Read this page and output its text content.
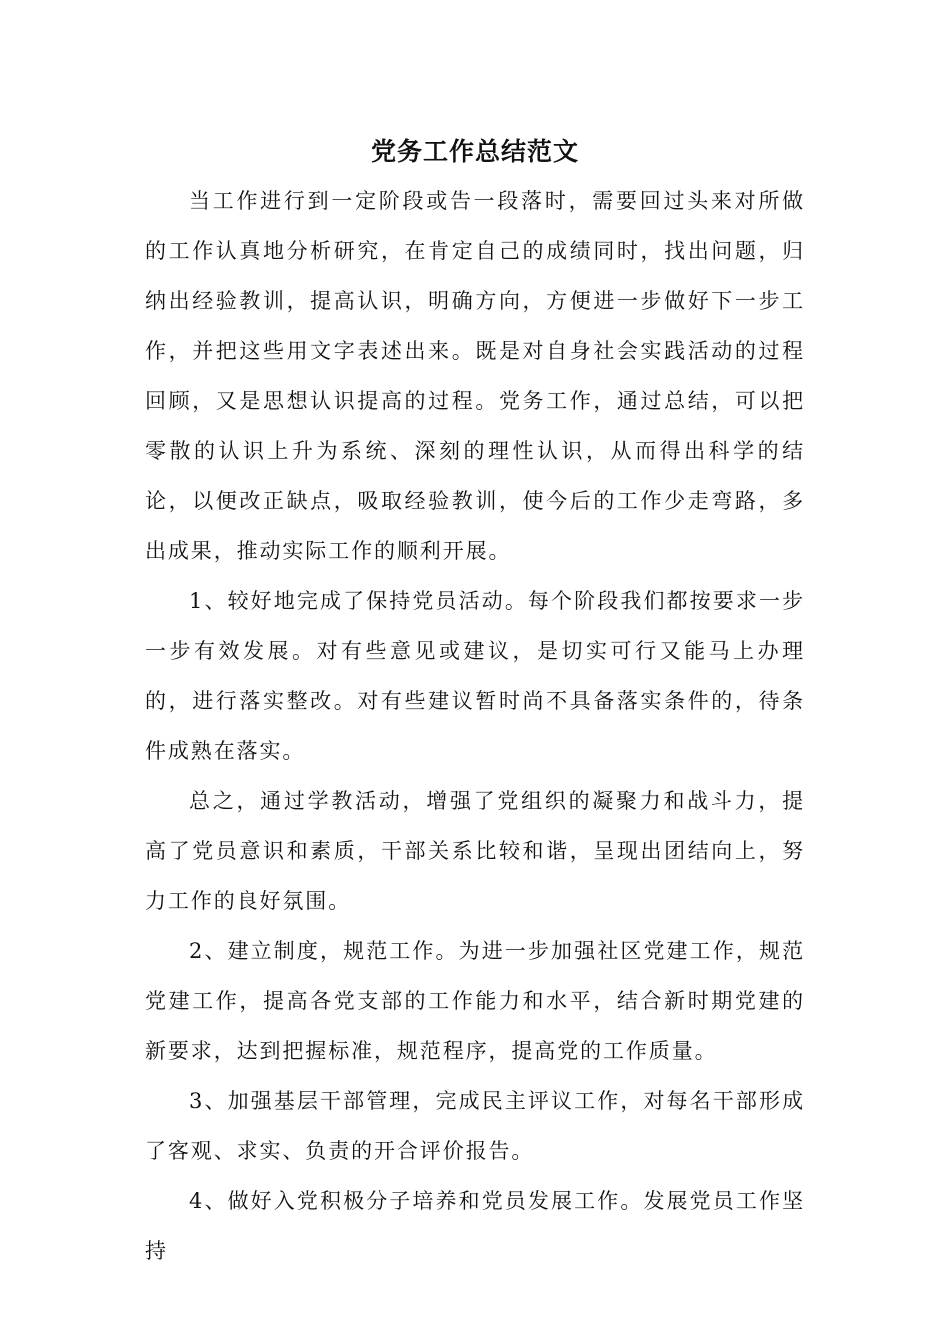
党务工作总结范文

当工作进行到一定阶段或告一段落时，需要回过头来对所做的工作认真地分析研究，在肯定自己的成绩同时，找出问题，归纳出经验教训，提高认识，明确方向，方便进一步做好下一步工作，并把这些用文字表述出来。既是对自身社会实践活动的过程回顾，又是思想认识提高的过程。党务工作，通过总结，可以把零散的认识上升为系统、深刻的理性认识，从而得出科学的结论，以便改正缺点，吸取经验教训，使今后的工作少走弯路，多出成果，推动实际工作的顺利开展。

1、较好地完成了保持党员活动。每个阶段我们都按要求一步一步有效发展。对有些意见或建议，是切实可行又能马上办理的，进行落实整改。对有些建议暂时尚不具备落实条件的，待条件成熟在落实。

总之，通过学教活动，增强了党组织的凝聚力和战斗力，提高了党员意识和素质，干部关系比较和谐，呈现出团结向上，努力工作的良好氛围。

2、建立制度，规范工作。为进一步加强社区党建工作，规范党建工作，提高各党支部的工作能力和水平，结合新时期党建的新要求，达到把握标准，规范程序，提高党的工作质量。

3、加强基层干部管理，完成民主评议工作，对每名干部形成了客观、求实、负责的开合评价报告。

4、做好入党积极分子培养和党员发展工作。发展党员工作坚持
